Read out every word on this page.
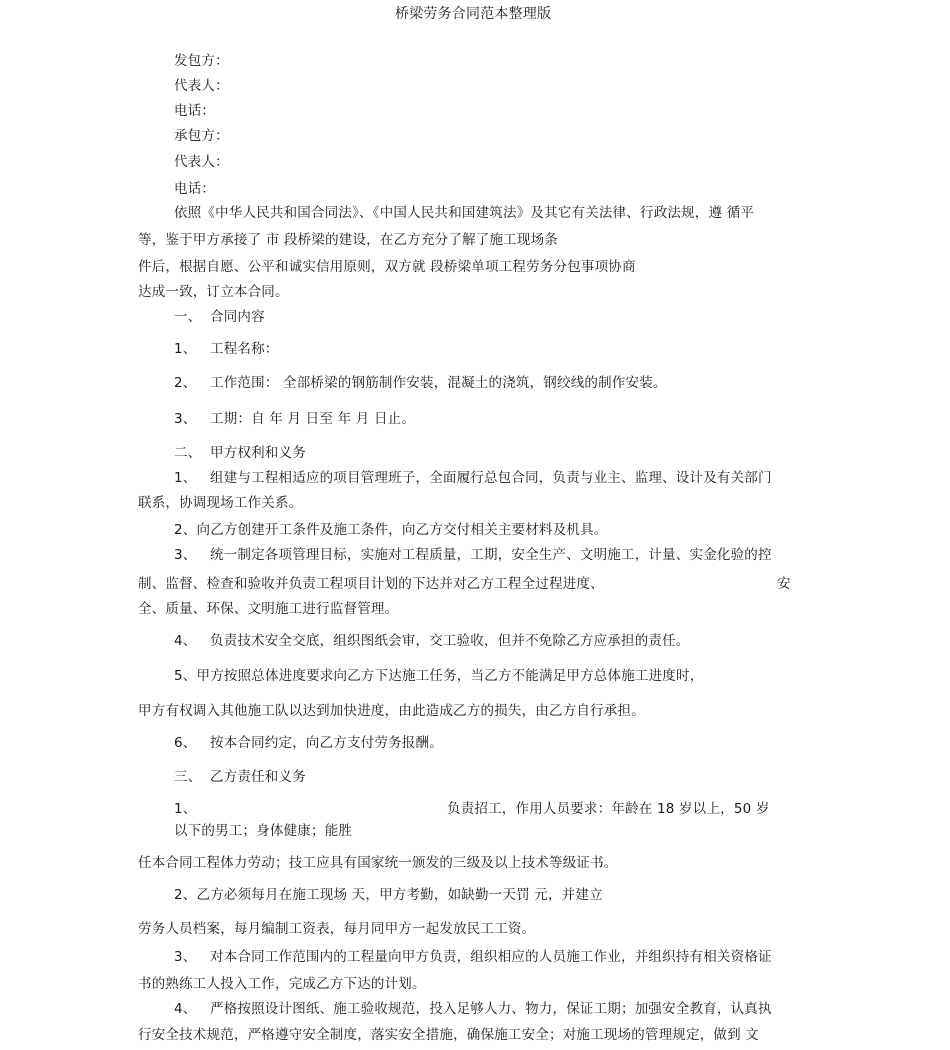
桥梁劳务合同范本整理版
发包方：
代表人：
电话：
承包方：
代表人：
电话：
依照《中华人民共和国合同法》、《中国人民共和国建筑法》及其它有关法律、行政法规，遵 循平
等，鉴于甲方承接了 市 段桥梁的建设，在乙方充分了解了施工现场条
件后，根据自愿、公平和诚实信用原则，双方就 段桥梁单项工程劳务分包事项协商
达成一致，订立本合同。
一、 合同内容
1、 工程名称：
2、 工作范围： 全部桥梁的钢筋制作安装，混凝土的浇筑，钢绞线的制作安装。
3、 工期：自 年 月 日至 年 月 日止。
二、 甲方权利和义务
1、 组建与工程相适应的项目管理班子，全面履行总包合同，负责与业主、监理、设计及有关部门
联系，协调现场工作关系。
2、向乙方创建开工条件及施工条件，向乙方交付相关主要材料及机具。
3、 统一制定各项管理目标，实施对工程质量，工期，安全生产、文明施工，计量、实金化验的控
制、监督、检查和验收并负责工程项目计划的下达并对乙方工程全过程进度、	安
全、质量、环保、文明施工进行监督管理。
4、 负责技术安全交底，组织图纸会审，交工验收，但并不免除乙方应承担的责任。
5、甲方按照总体进度要求向乙方下达施工任务，当乙方不能满足甲方总体施工进度时，
甲方有权调入其他施工队以达到加快进度，由此造成乙方的损失，由乙方自行承担。
6、 按本合同约定，向乙方支付劳务报酬。
三、 乙方责任和义务
1、	负责招工，作用人员要求：年龄在 18 岁以上，50 岁
以下的男工；身体健康；能胜
任本合同工程体力劳动；技工应具有国家统一颁发的三级及以上技术等级证书。
2、乙方必须每月在施工现场 天，甲方考勤，如缺勤一天罚 元，并建立
劳务人员档案，每月编制工资表，每月同甲方一起发放民工工资。
3、 对本合同工作范围内的工程量向甲方负责，组织相应的人员施工作业，并组织持有相关资格证
书的熟练工人投入工作，完成乙方下达的计划。
4、 严格按照设计图纸、施工验收规范，投入足够人力、物力，保证工期；加强安全教育，认真执
行安全技术规范，严格遵守安全制度，落实安全措施，确保施工安全；对施工现场的管理规定，做到 文
